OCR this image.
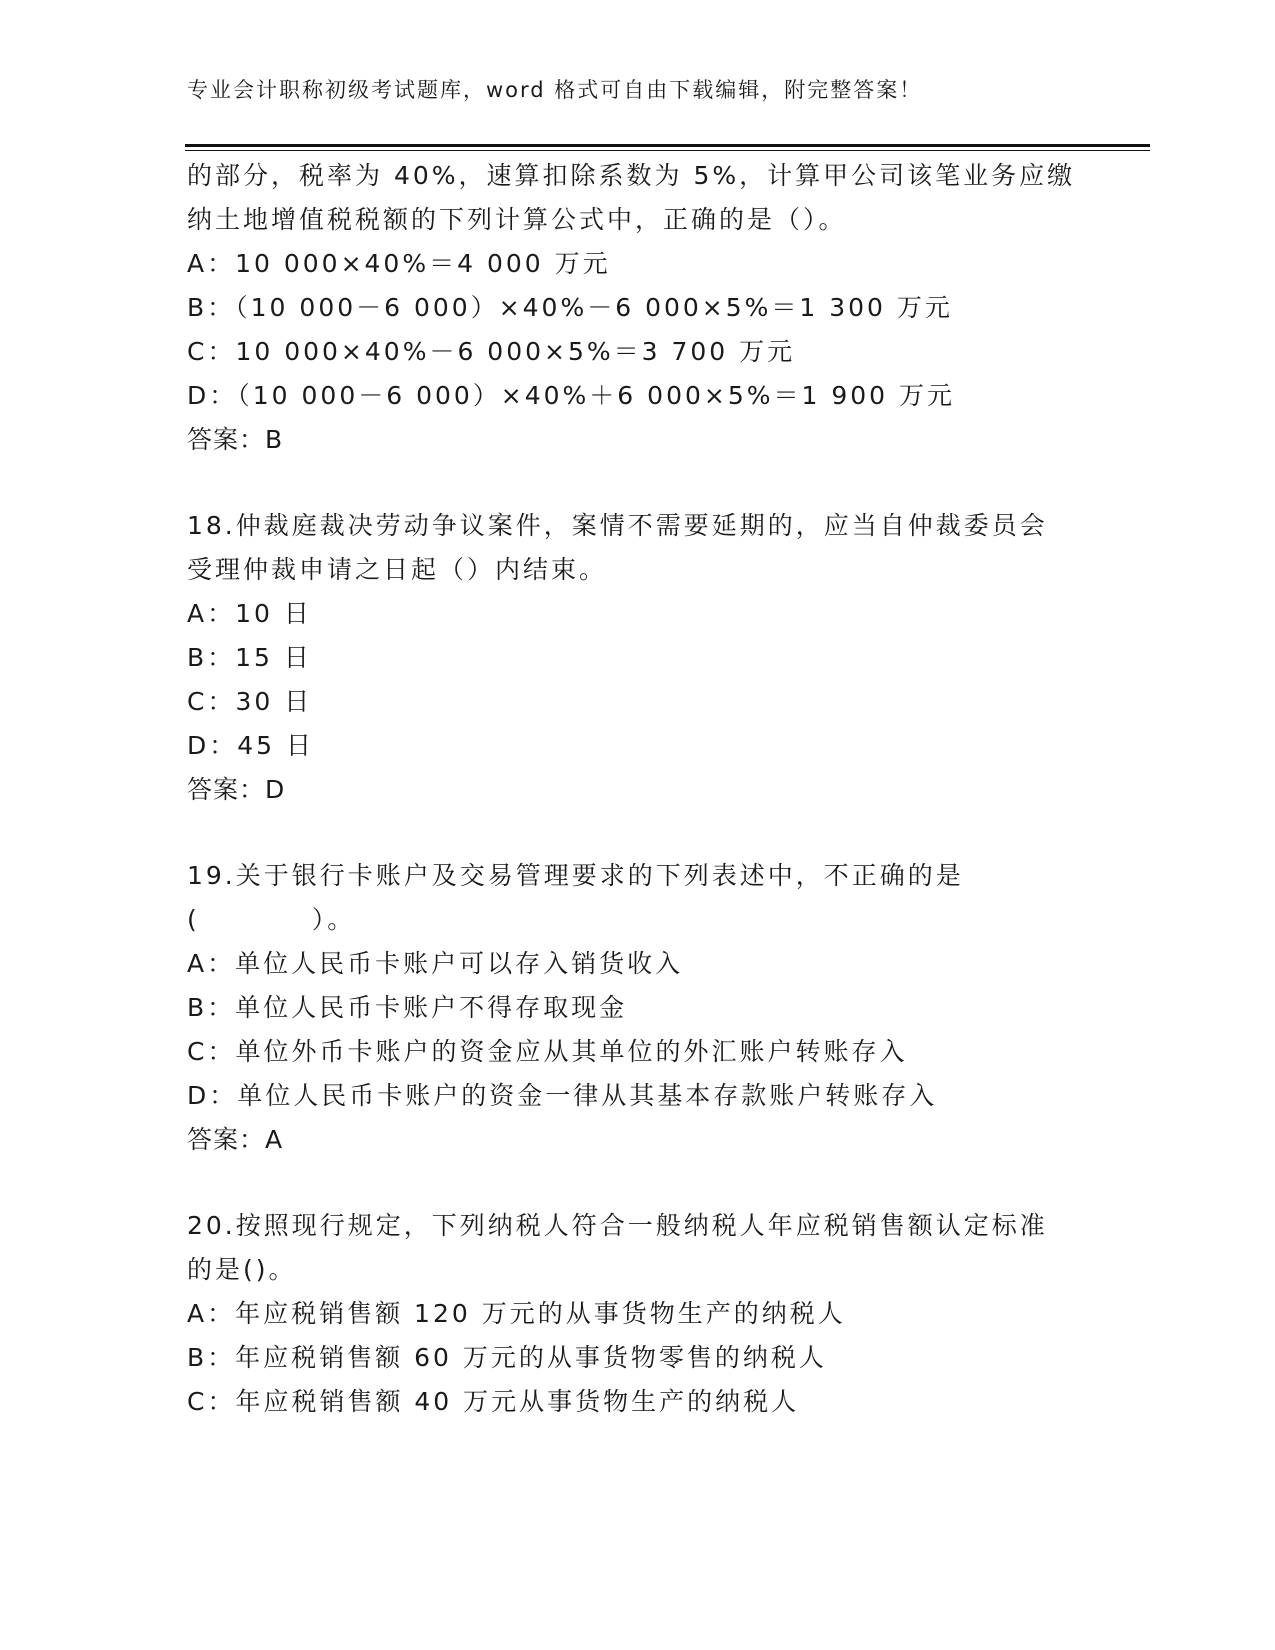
专业会计职称初级考试题库，word 格式可自由下载编辑，附完整答案！
的部分，税率为 40%，速算扣除系数为 5%，计算甲公司该笔业务应缴
纳土地增值税税额的下列计算公式中，正确的是（）。
A：10 000×40%＝4 000 万元
B：（10 000－6 000）×40%－6 000×5%＝1 300 万元
C：10 000×40%－6 000×5%＝3 700 万元
D：（10 000－6 000）×40%＋6 000×5%＝1 900 万元
答案：B
18.仲裁庭裁决劳动争议案件，案情不需要延期的，应当自仲裁委员会
受理仲裁申请之日起（）内结束。
A：10 日
B：15 日
C：30 日
D：45 日
答案：D
19.关于银行卡账户及交易管理要求的下列表述中，不正确的是
(　　　　）。
A：单位人民币卡账户可以存入销货收入
B：单位人民币卡账户不得存取现金
C：单位外币卡账户的资金应从其单位的外汇账户转账存入
D：单位人民币卡账户的资金一律从其基本存款账户转账存入
答案：A
20.按照现行规定，下列纳税人符合一般纳税人年应税销售额认定标准
的是()。
A：年应税销售额 120 万元的从事货物生产的纳税人
B：年应税销售额 60 万元的从事货物零售的纳税人
C：年应税销售额 40 万元从事货物生产的纳税人
